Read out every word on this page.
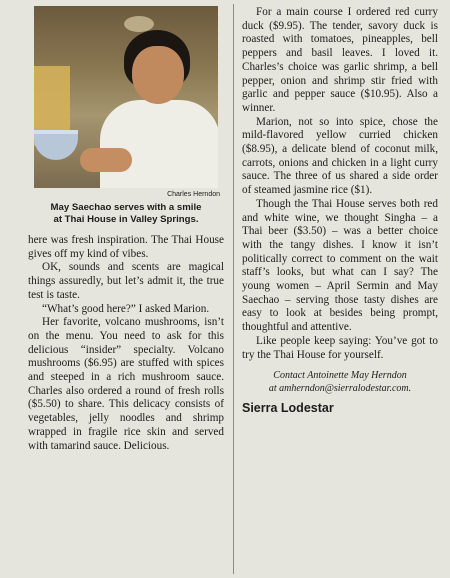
Charles Herndon
May Saechao serves with a smile
at Thai House in Valley Springs.

here was fresh inspiration. The Thai House gives off my kind of vibes.

OK, sounds and scents are magical things assuredly, but let’s admit it, the true test is taste.

“What’s good here?” I asked Marion.

Her favorite, volcano mushrooms, isn’t on the menu. You need to ask for this delicious “insider” specialty. Volcano mushrooms ($6.95) are stuffed with spices and steeped in a rich mushroom sauce. Charles also ordered a round of fresh rolls ($5.50) to share. This delicacy consists of vegetables, jelly noodles and shrimp wrapped in fragile rice skin and served with tamarind sauce. Delicious.

For a main course I ordered red curry duck ($9.95). The tender, savory duck is roasted with tomatoes, pineapples, bell peppers and basil leaves. I loved it. Charles’s choice was garlic shrimp, a bell pepper, onion and shrimp stir fried with garlic and pepper sauce ($10.95). Also a winner.

Marion, not so into spice, chose the mild-flavored yellow curried chicken ($8.95), a delicate blend of coconut milk, carrots, onions and chicken in a light curry sauce. The three of us shared a side order of steamed jasmine rice ($1).

Though the Thai House serves both red and white wine, we thought Singha – a Thai beer ($3.50) – was a better choice with the tangy dishes. I know it isn’t politically correct to comment on the wait staff’s looks, but what can I say? The young women – April Sermin and May Saechao – serving those tasty dishes are easy to look at besides being prompt, thoughtful and attentive.

Like people keep saying: You’ve got to try the Thai House for yourself.

Contact Antoinette May Herndon
at amherndon@sierralodestar.com.
Sierra Lodestar
